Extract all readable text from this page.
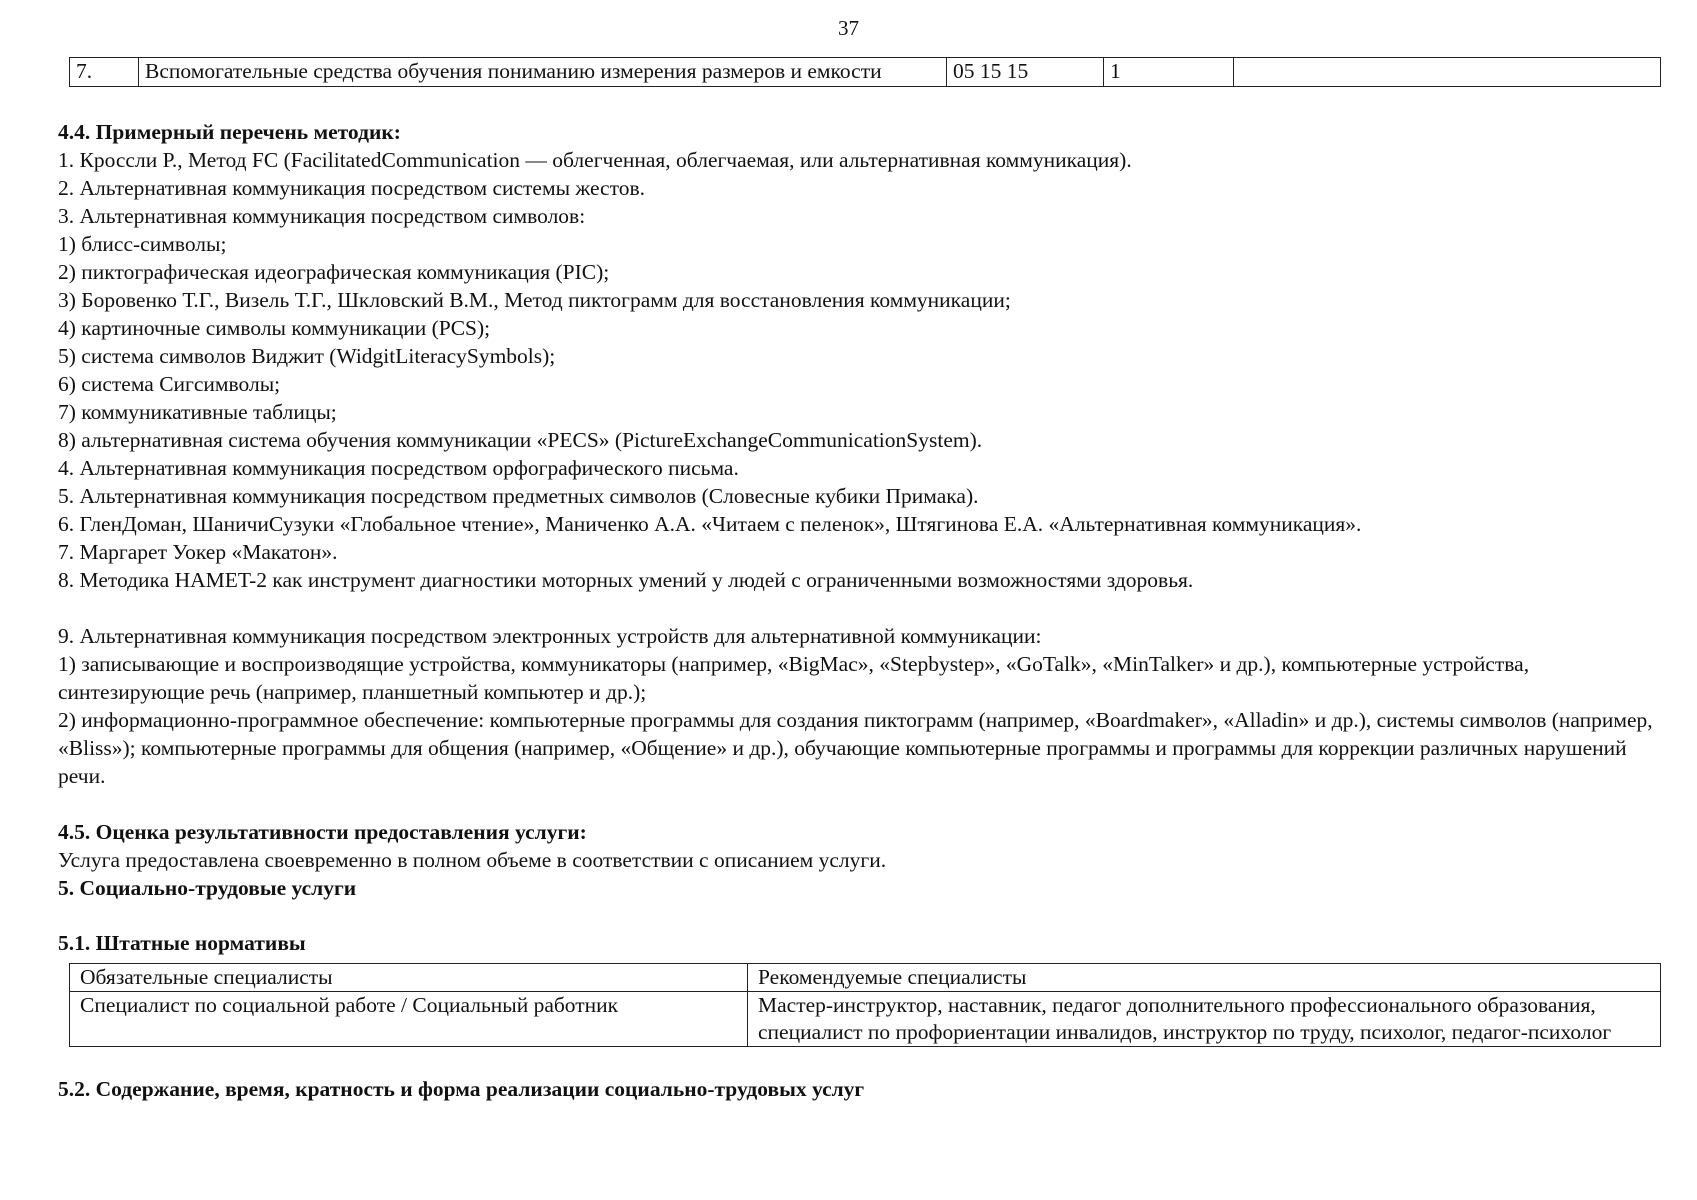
37
7.	Вспомогательные средства обучения пониманию измерения размеров и емкости	05 15 15	1	

4.4. Примерный перечень методик:

1. Кроссли Р., Метод FC (FacilitatedCommunication — облегченная, облегчаемая, или альтернативная коммуникация).

2. Альтернативная коммуникация посредством системы жестов.

3. Альтернативная коммуникация посредством символов:

1) блисс-символы;

2) пиктографическая идеографическая коммуникация (PIC);

3) Боровенко Т.Г., Визель Т.Г., Шкловский В.М., Метод пиктограмм для восстановления коммуникации;

4) картиночные символы коммуникации (PCS);

5) система символов Виджит (WidgitLiteracySymbols);

6) система Сигсимволы;

7) коммуникативные таблицы;

8) альтернативная система обучения коммуникации «PECS» (PictureExchangeCommunicationSystem).

4. Альтернативная коммуникация посредством орфографического письма.

5. Альтернативная коммуникация посредством предметных символов (Словесные кубики Примака).

6. ГленДоман, ШаничиСузуки «Глобальное чтение», Маниченко А.А. «Читаем с пеленок», Штягинова Е.А. «Альтернативная коммуникация».

7. Маргарет Уокер «Макатон».

8. Методика HAMET-2 как инструмент диагностики моторных умений у людей с ограниченными возможностями здоровья.

9. Альтернативная коммуникация посредством электронных устройств для альтернативной коммуникации:

1) записывающие и воспроизводящие устройства, коммуникаторы (например, «BigMac», «Stepbystep», «GoTalk», «MinTalker» и др.), компьютерные устройства, синтезирующие речь (например, планшетный компьютер и др.);

2) информационно-программное обеспечение: компьютерные программы для создания пиктограмм (например, «Boardmaker», «Alladin» и др.), системы символов (например, «Bliss»); компьютерные программы для общения (например, «Общение» и др.), обучающие компьютерные программы и программы для коррекции различных нарушений речи.

4.5. Оценка результативности предоставления услуги:

Услуга предоставлена своевременно в полном объеме в соответствии с описанием услуги.

5. Социально-трудовые услуги

5.1. Штатные нормативы

Обязательные специалисты	Рекомендуемые специалисты
Специалист по социальной работе / Социальный работник	Мастер-инструктор, наставник, педагог дополнительного профессионального образования, специалист по профориентации инвалидов, инструктор по труду, психолог, педагог-психолог

5.2. Содержание, время, кратность и форма реализации социально-трудовых услуг
